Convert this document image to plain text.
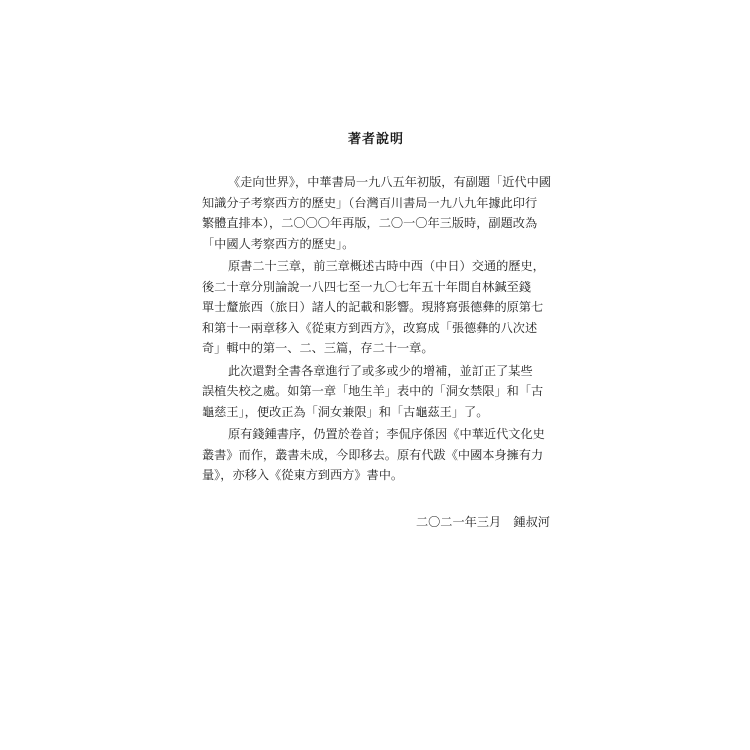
著者說明
《走向世界》，中華書局一九八五年初版，有副題「近代中國
知識分子考察西方的歷史」（台灣百川書局一九八九年據此印行
繁體直排本），二〇〇〇年再版，二〇一〇年三版時，副題改為
「中國人考察西方的歷史」。
原書二十三章，前三章概述古時中西（中日）交通的歷史，
後二十章分別論說一八四七至一九〇七年五十年間自林鍼至錢
單士釐旅西（旅日）諸人的記載和影響。現將寫張德彝的原第七
和第十一兩章移入《從東方到西方》，改寫成「張德彝的八次述
奇」輯中的第一、二、三篇，存二十一章。
此次還對全書各章進行了或多或少的增補，並訂正了某些
誤植失校之處。如第一章「地生羊」表中的「洞女禁限」和「古
龜慈王」，便改正為「洞女兼限」和「古龜茲王」了。
原有錢鍾書序，仍置於卷首；李侃序係因《中華近代文化史
叢書》而作，叢書未成，今即移去。原有代跋《中國本身擁有力
量》，亦移入《從東方到西方》書中。
二〇二一年三月　鍾叔河
